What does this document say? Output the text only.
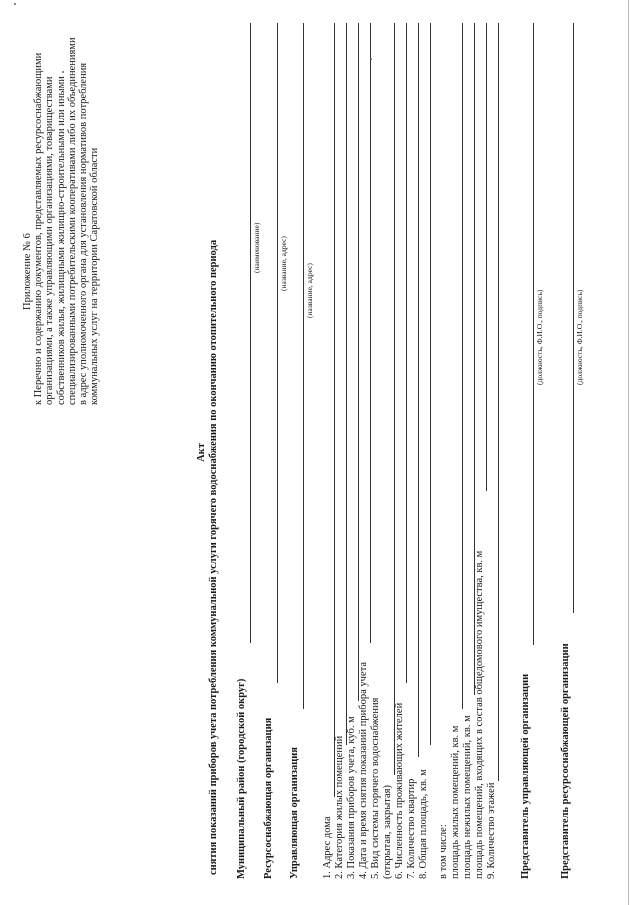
Приложение № 6 к Перечню и содержанию документов, представляемых ресурсоснабжающими организациями, а также управляющими организациями, товариществами собственников жилья, жилищными жилищно-строительными или иными специализированными потребительскими кооперативами либо их объединениями в адрес уполномоченного органа для установления нормативов потребления коммунальных услуг на территории Саратовской области
Акт снятия показаний приборов учета потребления коммунальной услуги горячего водоснабжения по окончанию отопительного периода Муниципальный район (городской округ)
(наименование)
Ресурсоснабжающая организация
(название, адрес)
Управляющая организация
(название, адрес)
1. Адрес дома 2. Категория жилых помещений 3. Показания приборов учета, куб. м 4. Дата и время снятия показаний прибора учета 5. Вид системы горячего водоснабжения (открытая, закрытая) 6. Численность проживающих жителей 7. Количество квартир 8. Общая площадь, кв. м в том числе: площадь жилых помещений, кв. м площадь нежилых помещений, кв. м площадь помещений, входящих в состав общедомового имущества, кв. м 9. Количество этажей Представитель управляющей организации
(должность, Ф.И.О., подпись)
Представитель ресурсоснабжающей организации
(должность, Ф.И.О., подпись)
